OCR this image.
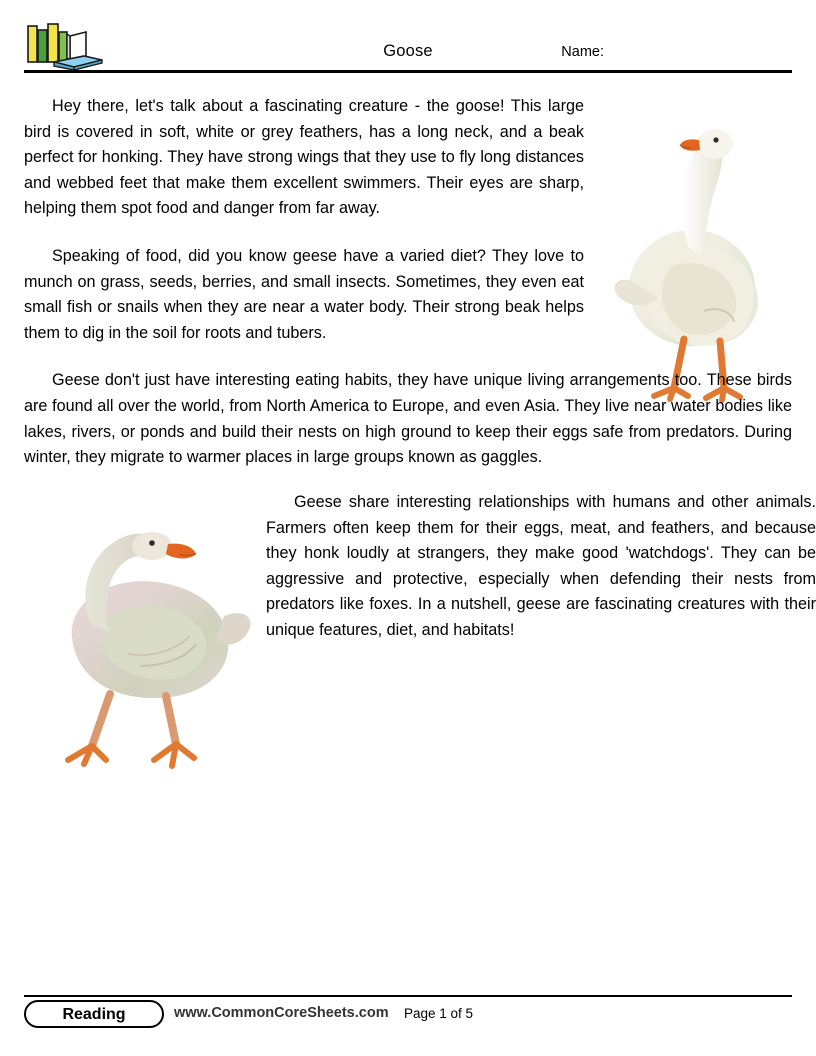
Goose	Name:

Hey there, let's talk about a fascinating creature - the goose! This large bird is covered in soft, white or grey feathers, has a long neck, and a beak perfect for honking. They have strong wings that they use to fly long distances and webbed feet that make them excellent swimmers. Their eyes are sharp, helping them spot food and danger from far away.

Speaking of food, did you know geese have a varied diet? They love to munch on grass, seeds, berries, and small insects. Sometimes, they even eat small fish or snails when they are near a water body. Their strong beak helps them to dig in the soil for roots and tubers.

Geese don't just have interesting eating habits, they have unique living arrangements too. These birds are found all over the world, from North America to Europe, and even Asia. They live near water bodies like lakes, rivers, or ponds and build their nests on high ground to keep their eggs safe from predators. During winter, they migrate to warmer places in large groups known as gaggles.

Geese share interesting relationships with humans and other animals. Farmers often keep them for their eggs, meat, and feathers, and because they honk loudly at strangers, they make good 'watchdogs'. They can be aggressive and protective, especially when defending their nests from predators like foxes. In a nutshell, geese are fascinating creatures with their unique features, diet, and habitats!

Reading	www.CommonCoreSheets.com Page 1 of 5
